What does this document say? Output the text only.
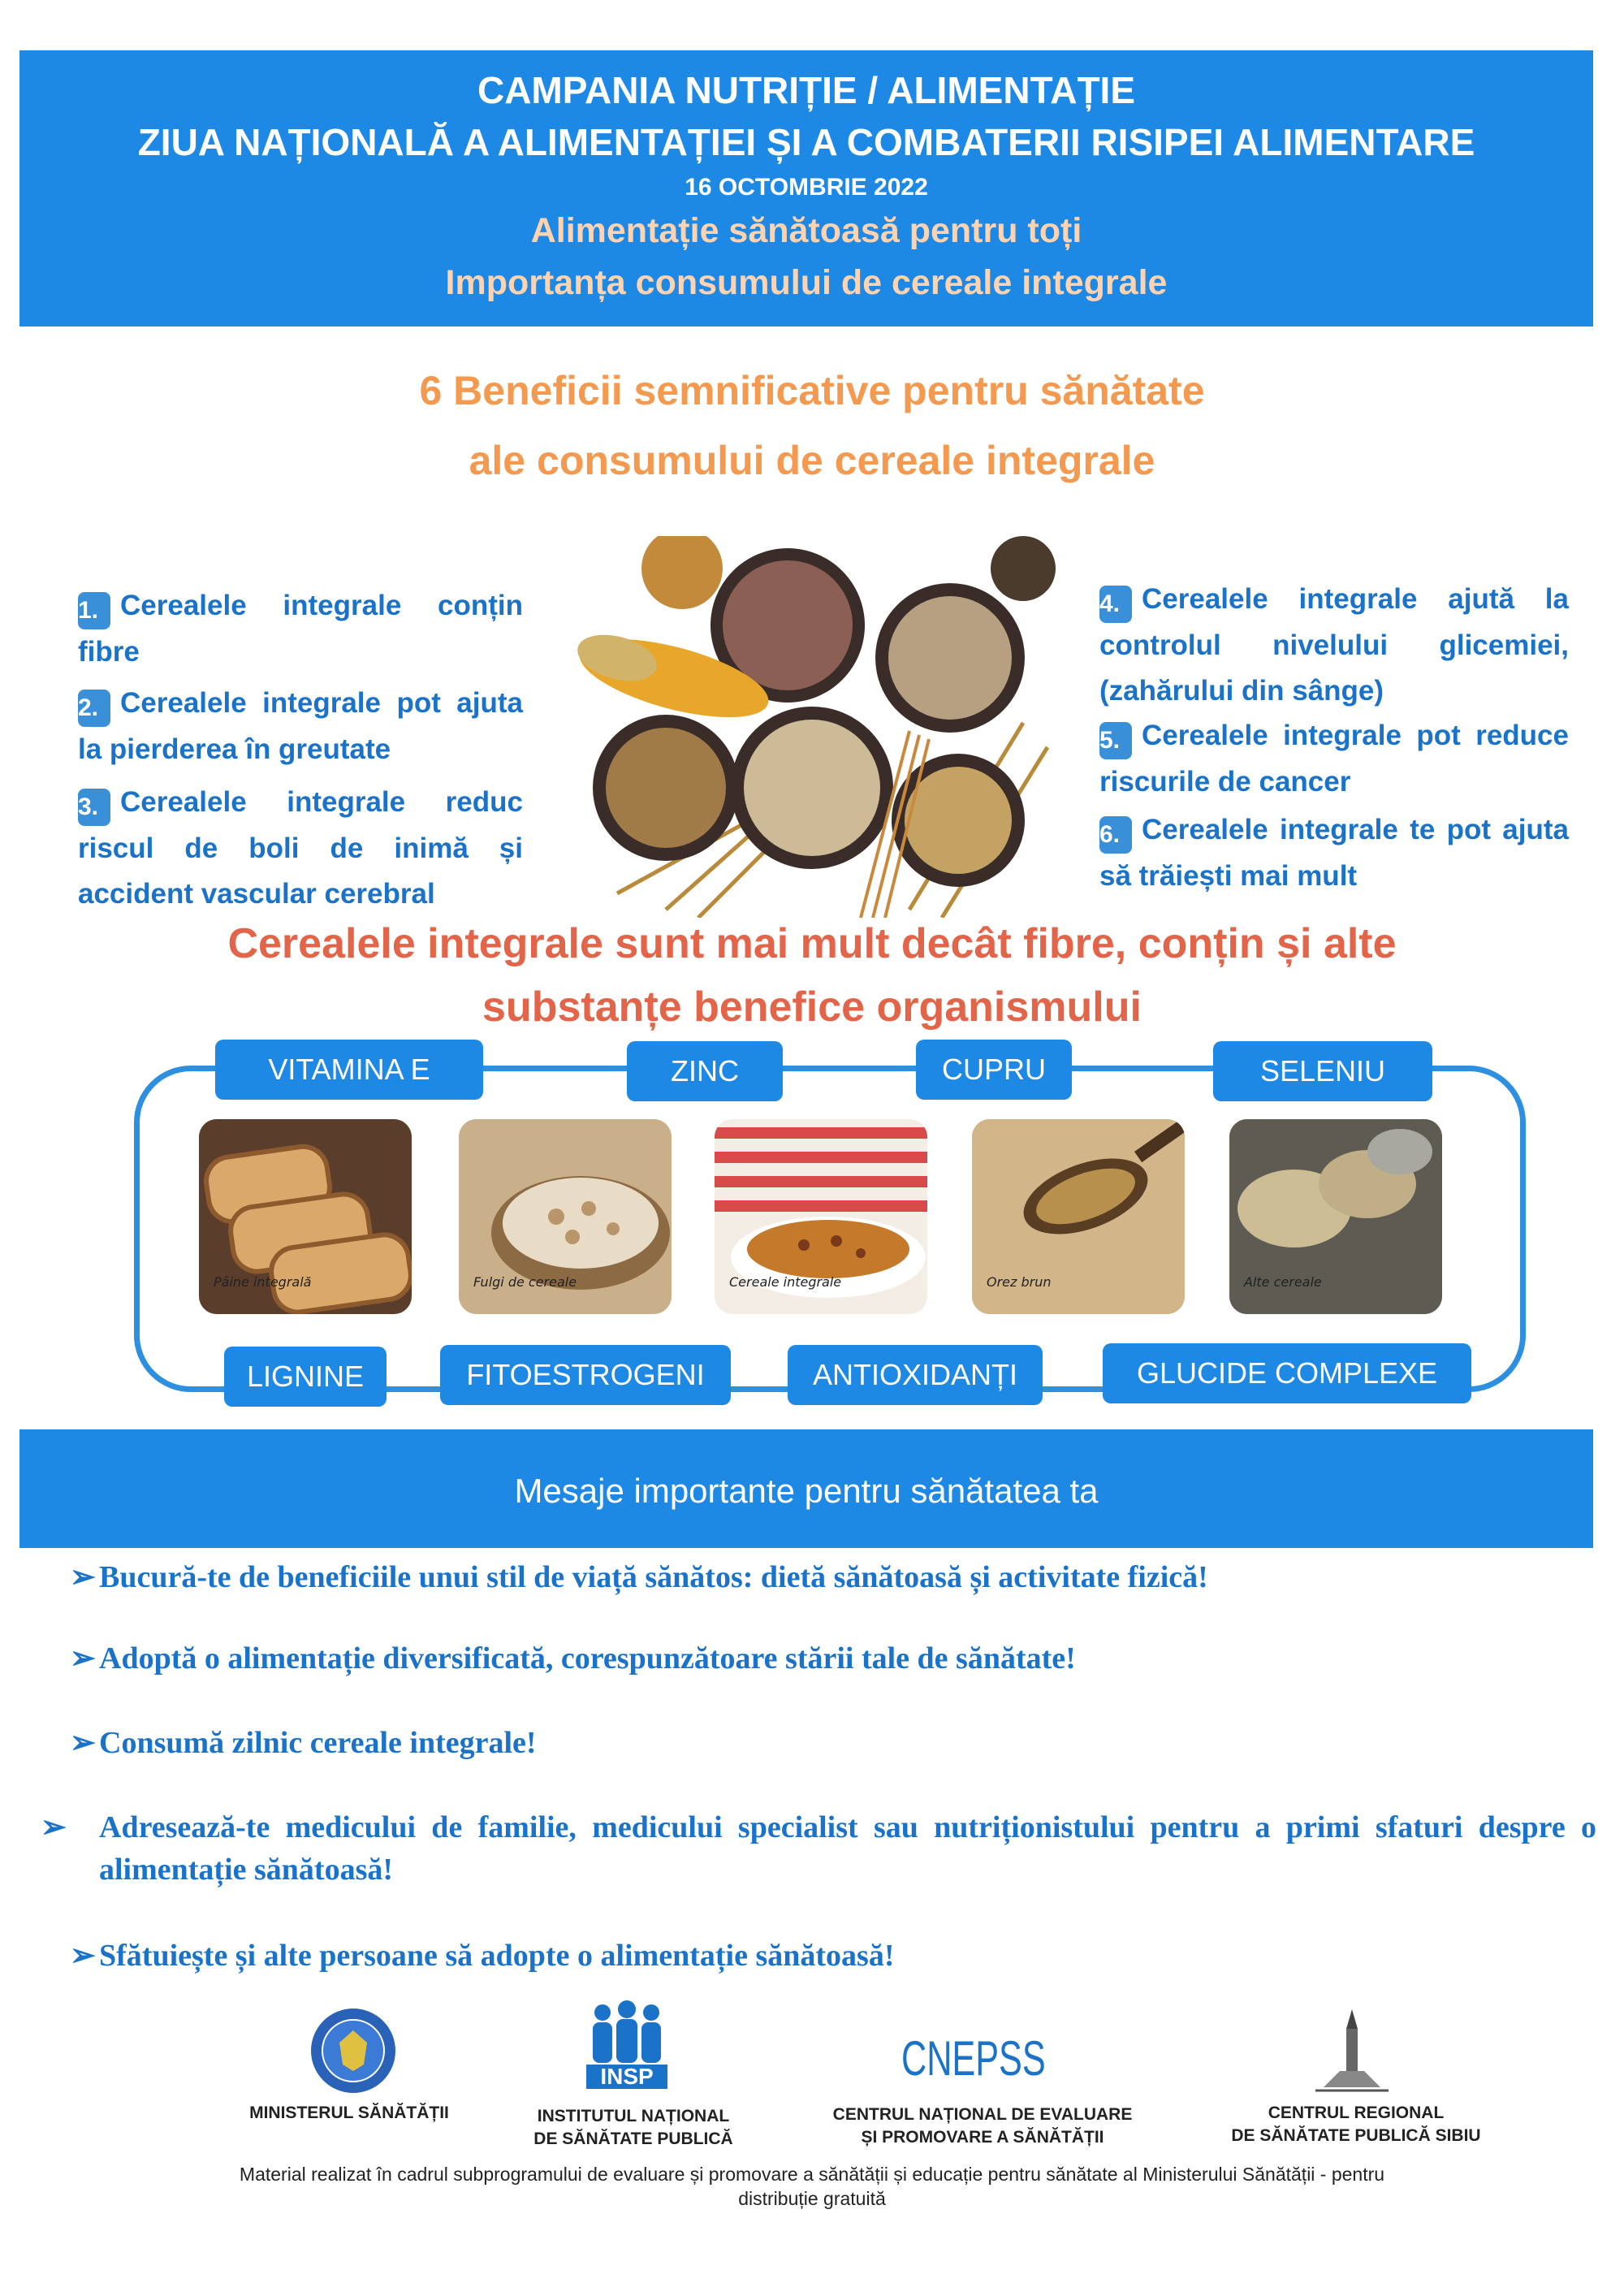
CAMPANIA NUTRIȚIE / ALIMENTAȚIE
ZIUA NAȚIONALĂ A ALIMENTAȚIEI ȘI A COMBATERII RISIPEI ALIMENTARE
16 OCTOMBRIE 2022
Alimentație sănătoasă pentru toți
Importanța consumului de cereale integrale
6 Beneficii semnificative pentru sănătate
ale consumului de cereale integrale
1. Cerealele integrale conțin fibre
2. Cerealele integrale pot ajuta la pierderea în greutate
3. Cerealele integrale reduc riscul de boli de inimă și accident vascular cerebral
4. Cerealele integrale ajută la controlul nivelului glicemiei, (zahărului din sânge)
5. Cerealele integrale pot reduce riscurile de cancer
6. Cerealele integrale te pot ajuta să trăiești mai mult
Cerealele integrale sunt mai mult decât fibre, conțin și alte
substanțe benefice organismului
VITAMINA E	ZINC	CUPRU	SELENIU
Pâine integrală	Fulgi de cereale	Cereale integrale	Orez brun	Alte cereale
LIGNINE	FITOESTROGENI	ANTIOXIDANȚI	GLUCIDE COMPLEXE
Mesaje importante pentru sănătatea ta
➢ Bucură-te de beneficiile unui stil de viață sănătos: dietă sănătoasă și activitate fizică!
➢ Adoptă o alimentație diversificată, corespunzătoare stării tale de sănătate!
➢ Consumă zilnic cereale integrale!
➢ Adresează-te medicului de familie, medicului specialist sau nutriționistului pentru a primi sfaturi despre o alimentație sănătoasă!
➢ Sfătuiește și alte persoane să adopte o alimentație sănătoasă!
MINISTERUL SĂNĂTĂȚII
INSP
INSTITUTUL NAȚIONAL
DE SĂNĂTATE PUBLICĂ
CNEPSS
CENTRUL NAȚIONAL DE EVALUARE
ȘI PROMOVARE A SĂNĂTĂȚII
CENTRUL REGIONAL
DE SĂNĂTATE PUBLICĂ SIBIU
Material realizat în cadrul subprogramului de evaluare și promovare a sănătății și educație pentru sănătate al Ministerului Sănătății - pentru
distribuție gratuită
